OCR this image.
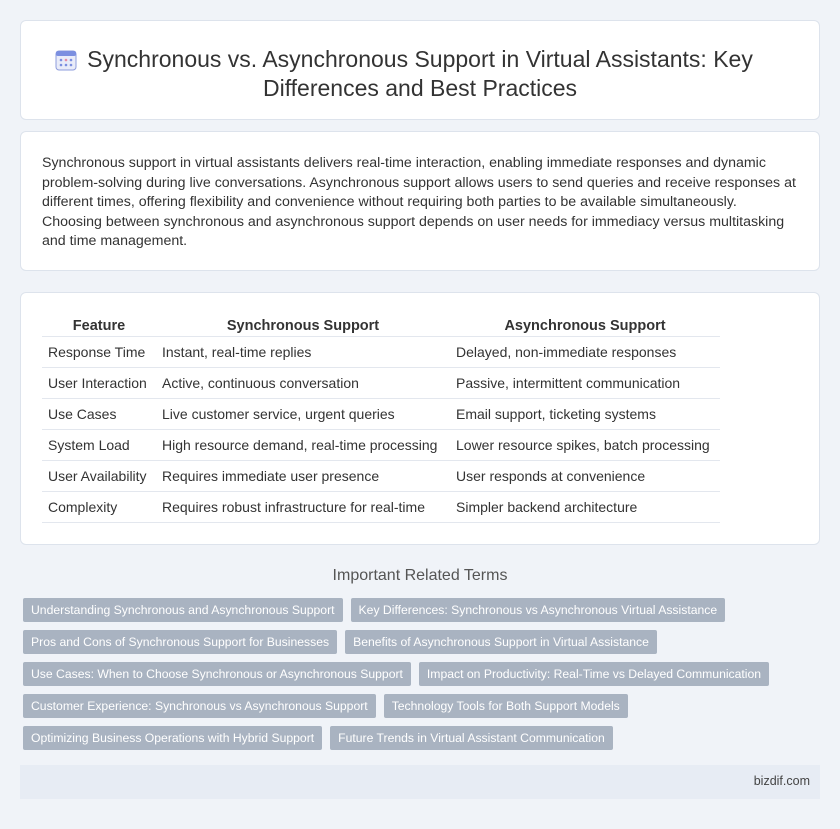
Synchronous vs. Asynchronous Support in Virtual Assistants: Key Differences and Best Practices

Synchronous support in virtual assistants delivers real-time interaction, enabling immediate responses and dynamic problem-solving during live conversations. Asynchronous support allows users to send queries and receive responses at different times, offering flexibility and convenience without requiring both parties to be available simultaneously. Choosing between synchronous and asynchronous support depends on user needs for immediacy versus multitasking and time management.

Feature	Synchronous Support	Asynchronous Support
Response Time	Instant, real-time replies	Delayed, non-immediate responses
User Interaction	Active, continuous conversation	Passive, intermittent communication
Use Cases	Live customer service, urgent queries	Email support, ticketing systems
System Load	High resource demand, real-time processing	Lower resource spikes, batch processing
User Availability	Requires immediate user presence	User responds at convenience
Complexity	Requires robust infrastructure for real-time	Simpler backend architecture
Important Related Terms
Understanding Synchronous and Asynchronous Support	Key Differences: Synchronous vs Asynchronous Virtual Assistance
Pros and Cons of Synchronous Support for Businesses	Benefits of Asynchronous Support in Virtual Assistance
Use Cases: When to Choose Synchronous or Asynchronous Support	Impact on Productivity: Real-Time vs Delayed Communication
Customer Experience: Synchronous vs Asynchronous Support	Technology Tools for Both Support Models
Optimizing Business Operations with Hybrid Support	Future Trends in Virtual Assistant Communication
bizdif.com
